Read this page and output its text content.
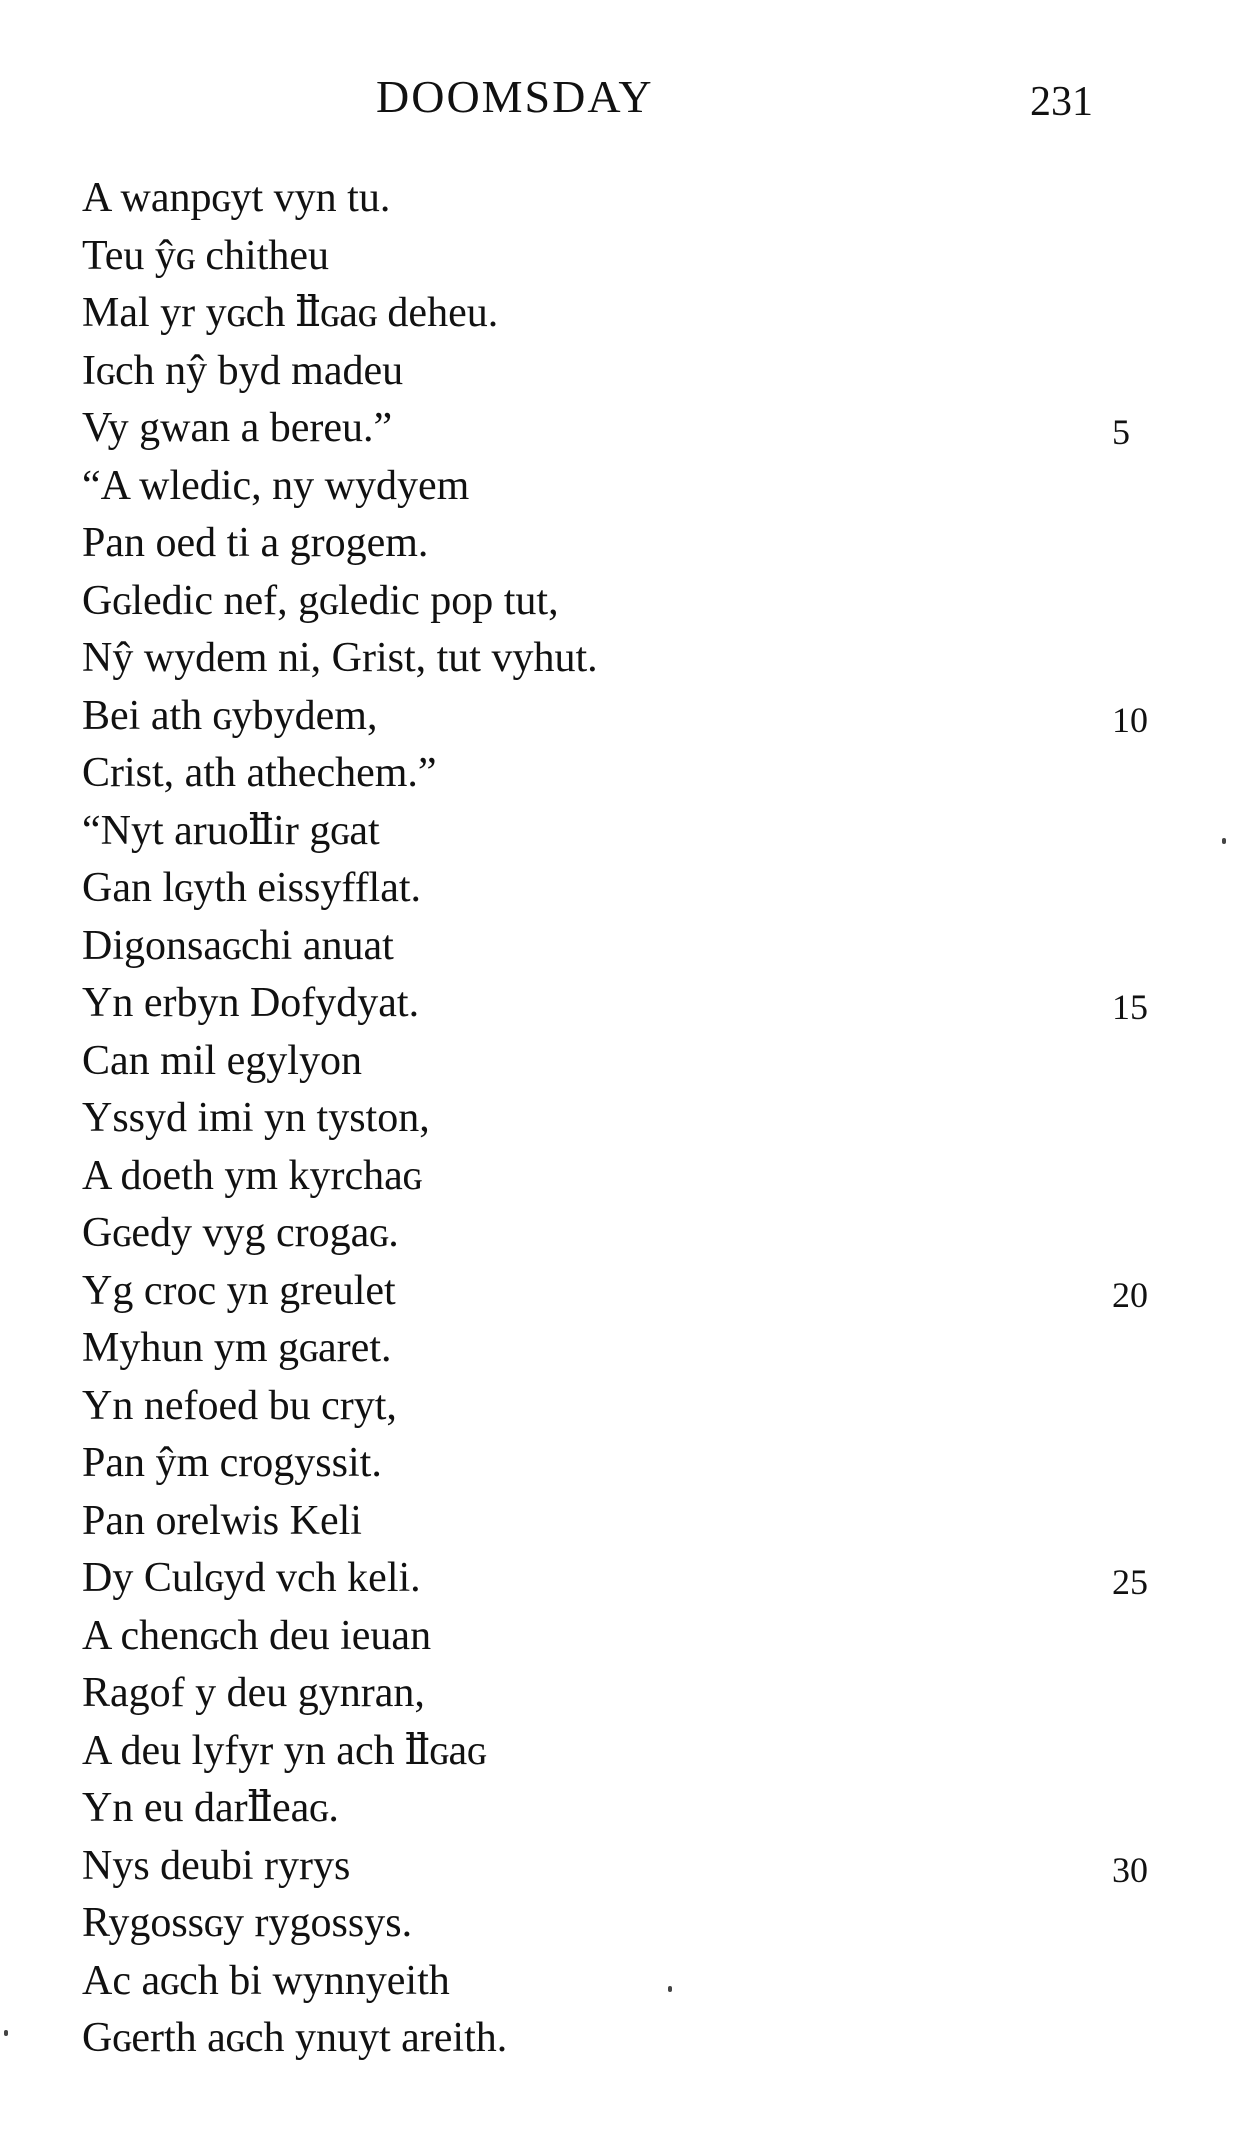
DOOMSDAY	231
A wanpɢyt vyn tu.
Teu ŷɢ chitheu
Mal yr yɢch ỻɢaɢ deheu.
Iɢch nŷ byd madeu
Vy gwan a bereu.”	5
“A wledic, ny wydyem
Pan oed ti a grogem.
Gɢledic nef, gɢledic pop tut,
Nŷ wydem ni, Grist, tut vyhut.
Bei ath ɢybydem,	10
Crist, ath athechem.”
“Nyt aruoỻir gɢat
Gan lɢyth eissyfflat.
Digonsaɢchi anuat
Yn erbyn Dofydyat.	15
Can mil egylyon
Yssyd imi yn tyston,
A doeth ym kyrchaɢ
Gɢedy vyg crogaɢ.
Yg croc yn greulet	20
Myhun ym gɢaret.
Yn nefoed bu cryt,
Pan ŷm crogyssit.
Pan orelwis Keli
Dy Culɢyd vch keli.	25
A chenɢch deu ieuan
Ragof y deu gynran,
A deu lyfyr yn ach ỻɢaɢ
Yn eu darỻeaɢ.
Nys deubi ryrys	30
Rygossɢy rygossys.
Ac aɢch bi wynnyeith
Gɢerth aɢch ynuyt areith.
